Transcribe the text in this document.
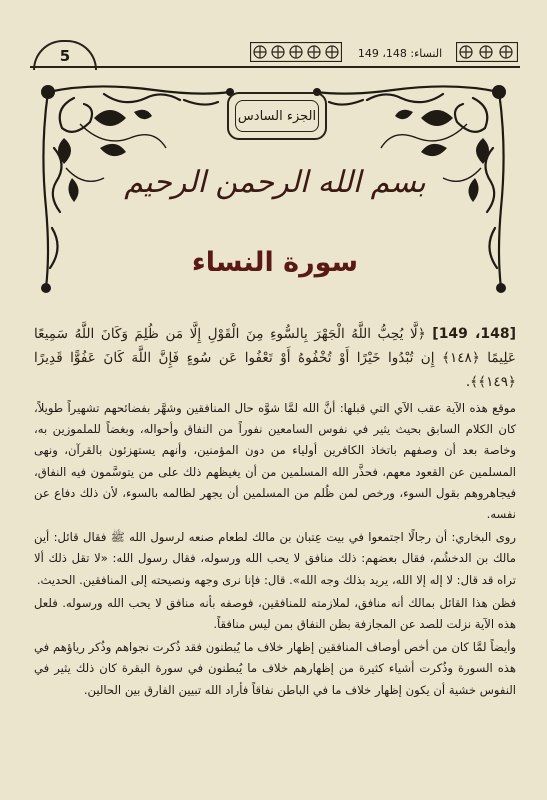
5	النساء: 148، 149
الجزء السادس
بسم الله الرحمن الرحيم
سورة النساء

[148، 149] ﴿لَّا يُحِبُّ اللَّهُ الْجَهْرَ بِالسُّوءِ مِنَ الْقَوْلِ إِلَّا مَن ظُلِمَ وَكَانَ اللَّهُ سَمِيعًا عَلِيمًا ﴿١٤٨﴾ إِن تُبْدُوا خَيْرًا أَوْ تُخْفُوهُ أَوْ تَعْفُوا عَن سُوءٍ فَإِنَّ اللَّهَ كَانَ عَفُوًّا قَدِيرًا ﴿١٤٩﴾﴾.

موقع هذه الآية عقب الآي التي قبلها: أنَّ الله لمَّا شوَّه حال المنافقين وشهَّر بفضائحهم تشهيراً طويلاً، كان الكلام السابق بحيث يثير في نفوس السامعين نفوراً من النفاق وأحواله، وبغضاً للملموزين به، وخاصة بعد أن وصفهم باتخاذ الكافرين أولياء من دون المؤمنين، وأنهم يستهزئون بالقرآن، ونهى المسلمين عن القعود معهم، فحذَّر الله المسلمين من أن يغيظهم ذلك على من يتوسَّمون فيه النفاق، فيجاهروهم بقول السوء، ورخص لمن ظُلم من المسلمين أن يجهر لظالمه بالسوء، لأن ذلك دفاع عن نفسه.

روى البخاري: أن رجالًا اجتمعوا في بيت عِتبان بن مالك لطعام صنعه لرسول الله ﷺ فقال قائل: أين مالك بن الدخشُم، فقال بعضهم: ذلك منافق لا يحب الله ورسوله، فقال رسول الله: «لا تقل ذلك ألا تراه قد قال: لا إله إلا الله، يريد بذلك وجه الله». قال: فإنا نرى وجهه ونصيحته إلى المنافقين. الحديث.

فظن هذا القائل بمالك أنه منافق، لملازمته للمنافقين، فوصفه بأنه منافق لا يحب الله ورسوله. فلعل هذه الآية نزلت للصد عن المجازفة بظن النفاق بمن ليس منافقاً.

وأيضاً لمَّا كان من أخص أوصاف المنافقين إظهار خلاف ما يُبطنون فقد ذُكرت نجواهم وذُكر رياؤهم في هذه السورة وذُكرت أشياء كثيرة من إظهارهم خلاف ما يُبطنون في سورة البقرة كان ذلك يثير في النفوس خشية أن يكون إظهار خلاف ما في الباطن نفاقاً فأراد الله تبيين الفارق بين الحالين.
